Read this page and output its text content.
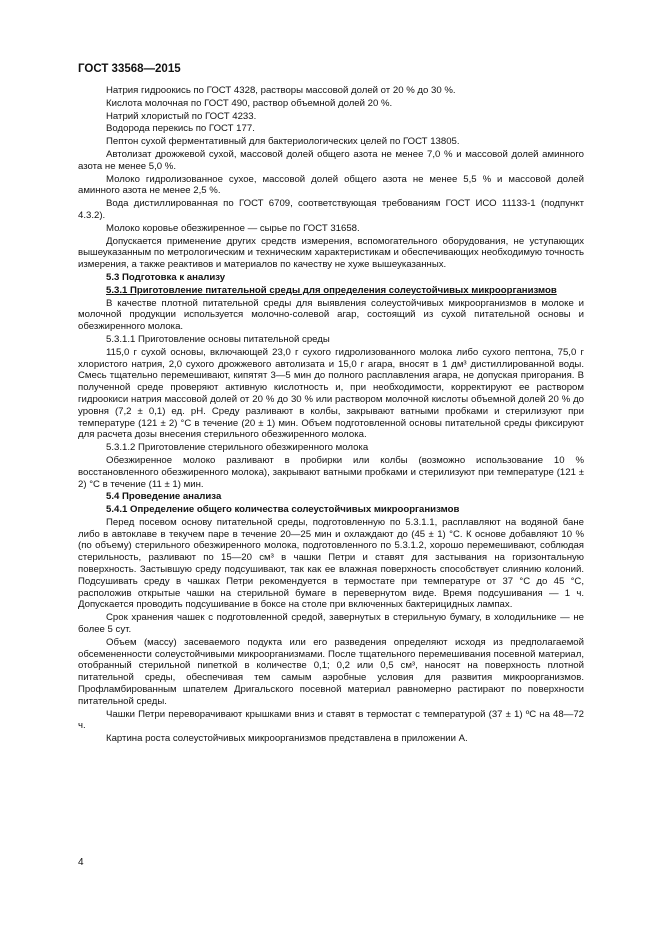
ГОСТ 33568—2015

Натрия гидроокись по ГОСТ 4328, растворы массовой долей от 20 % до 30 %.

Кислота молочная по ГОСТ 490, раствор объемной долей 20 %.

Натрий хлористый по ГОСТ 4233.

Водорода перекись по ГОСТ 177.

Пептон сухой ферментативный для бактериологических целей по ГОСТ 13805.

Автолизат дрожжевой сухой, массовой долей общего азота не менее 7,0 % и массовой долей аминного азота не менее 5,0 %.

Молоко гидролизованное сухое, массовой долей общего азота не менее 5,5 % и массовой долей аминного азота не менее 2,5 %.

Вода дистиллированная по ГОСТ 6709, соответствующая требованиям ГОСТ ИСО 11133-1 (подпункт 4.3.2).

Молоко коровье обезжиренное — сырье по ГОСТ 31658.

Допускается применение других средств измерения, вспомогательного оборудования, не уступающих вышеуказанным по метрологическим и техническим характеристикам и обеспечивающих необходимую точность измерения, а также реактивов и материалов по качеству не хуже вышеуказанных.

5.3 Подготовка к анализу

5.3.1 Приготовление питательной среды для определения солеустойчивых микроорганизмов

В качестве плотной питательной среды для выявления солеустойчивых микроорганизмов в молоке и молочной продукции используется молочно-солевой агар, состоящий из сухой питательной основы и обезжиренного молока.

5.3.1.1 Приготовление основы питательной среды

115,0 г сухой основы, включающей 23,0 г сухого гидролизованного молока либо сухого пептона, 75,0 г хлористого натрия, 2,0 сухого дрожжевого автолизата и 15,0 г агара, вносят в 1 дм³ дистиллированной воды. Смесь тщательно перемешивают, кипятят 3—5 мин до полного расплавления агара, не допуская пригорания. В полученной среде проверяют активную кислотность и, при необходимости, корректируют ее раствором гидроокиси натрия массовой долей от 20 % до 30 % или раствором молочной кислоты объемной долей 20 % до уровня (7,2 ± 0,1) ед. рН. Среду разливают в колбы, закрывают ватными пробками и стерилизуют при температуре (121 ± 2) °С в течение (20 ± 1) мин. Объем подготовленной основы питательной среды фиксируют для расчета дозы внесения стерильного обезжиренного молока.

5.3.1.2 Приготовление стерильного обезжиренного молока

Обезжиренное молоко разливают в пробирки или колбы (возможно использование 10 % восстановленного обезжиренного молока), закрывают ватными пробками и стерилизуют при температуре (121 ± 2) °С в течение (11 ± 1) мин.

5.4 Проведение анализа

5.4.1 Определение общего количества солеустойчивых микроорганизмов

Перед посевом основу питательной среды, подготовленную по 5.3.1.1, расплавляют на водяной бане либо в автоклаве в текучем паре в течение 20—25 мин и охлаждают до (45 ± 1) °С. К основе добавляют 10 % (по объему) стерильного обезжиренного молока, подготовленного по 5.3.1.2, хорошо перемешивают, соблюдая стерильность, разливают по 15—20 см³ в чашки Петри и ставят для застывания на горизонтальную поверхность. Застывшую среду подсушивают, так как ее влажная поверхность способствует слиянию колоний. Подсушивать среду в чашках Петри рекомендуется в термостате при температуре от 37 °С до 45 °С, расположив открытые чашки на стерильной бумаге в перевернутом виде. Время подсушивания — 1 ч. Допускается проводить подсушивание в боксе на столе при включенных бактерицидных лампах.

Срок хранения чашек с подготовленной средой, завернутых в стерильную бумагу, в холодильнике — не более 5 сут.

Объем (массу) засеваемого подукта или его разведения определяют исходя из предполагаемой обсемененности солеустойчивыми микроорганизмами. После тщательного перемешивания посевной материал, отобранный стерильной пипеткой в количестве 0,1; 0,2 или 0,5 см³, наносят на поверхность плотной питательной среды, обеспечивая тем самым аэробные условия для развития микроорганизмов. Профламбированным шпателем Дригальского посевной материал равномерно растирают по поверхности питательной среды.

Чашки Петри переворачивают крышками вниз и ставят в термостат с температурой (37 ± 1) ºС на 48—72 ч.

Картина роста солеустойчивых микроорганизмов представлена в приложении А.

4
